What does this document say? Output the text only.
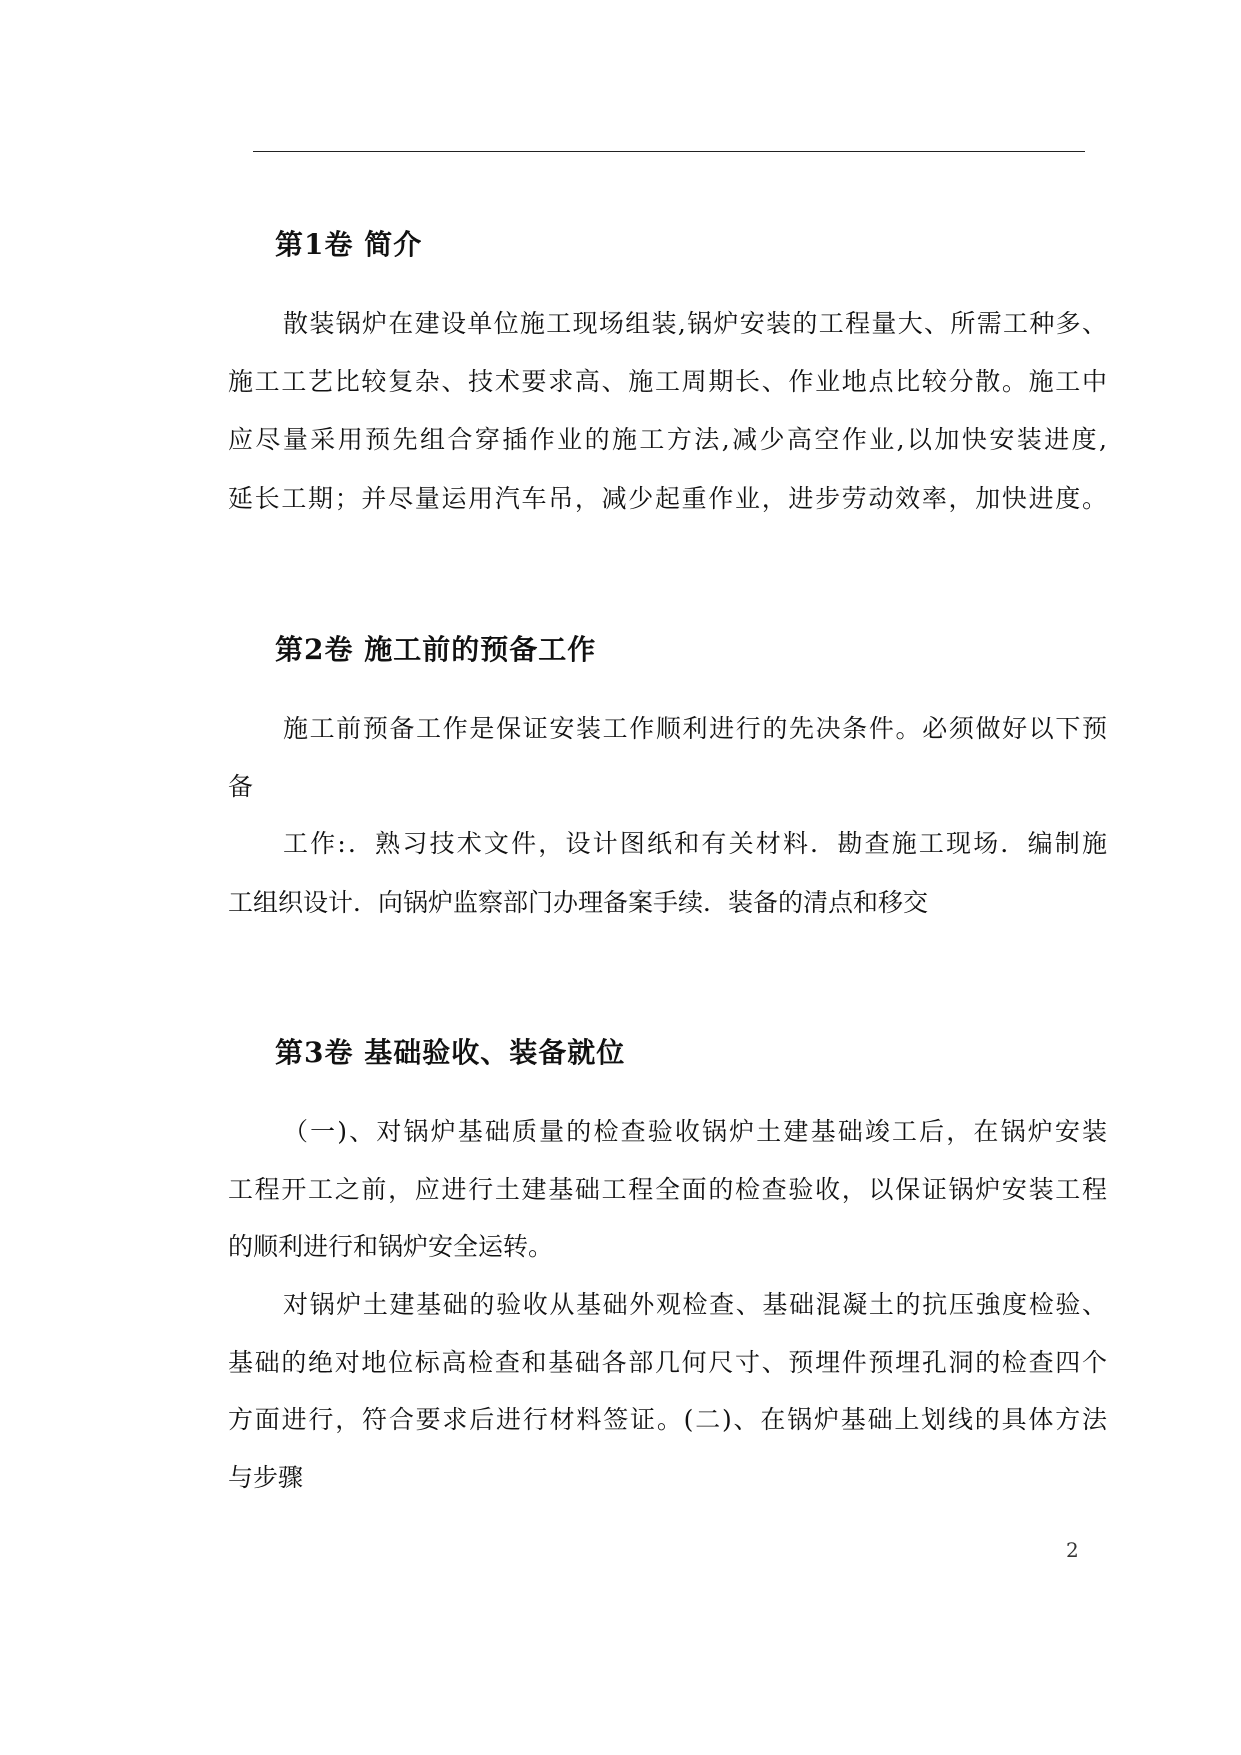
第1卷 简介
散装锅炉在建设单位施工现场组装,锅炉安装的工程量大、所需工种多、
施工工艺比较复杂、技术要求高、施工周期长、作业地点比较分散。施工中
应尽量采用预先组合穿插作业的施工方法,减少高空作业,以加快安装进度,
延长工期；并尽量运用汽车吊，减少起重作业，进步劳动效率，加快进度。
第2卷 施工前的预备工作
施工前预备工作是保证安装工作顺利进行的先决条件。必须做好以下预
备
工作:．熟习技术文件，设计图纸和有关材料．勘查施工现场．编制施
工组织设计．向锅炉监察部门办理备案手续．装备的清点和移交
第3卷 基础验收、装备就位
（一)、对锅炉基础质量的检查验收锅炉土建基础竣工后，在锅炉安装
工程开工之前，应进行土建基础工程全面的检查验收，以保证锅炉安装工程
的顺利进行和锅炉安全运转。
对锅炉土建基础的验收从基础外观检查、基础混凝土的抗压強度检验、
基础的绝对地位标高检查和基础各部几何尺寸、预埋件预埋孔洞的检查四个
方面进行，符合要求后进行材料签证。(二)、在锅炉基础上划线的具体方法
与步骤
2
